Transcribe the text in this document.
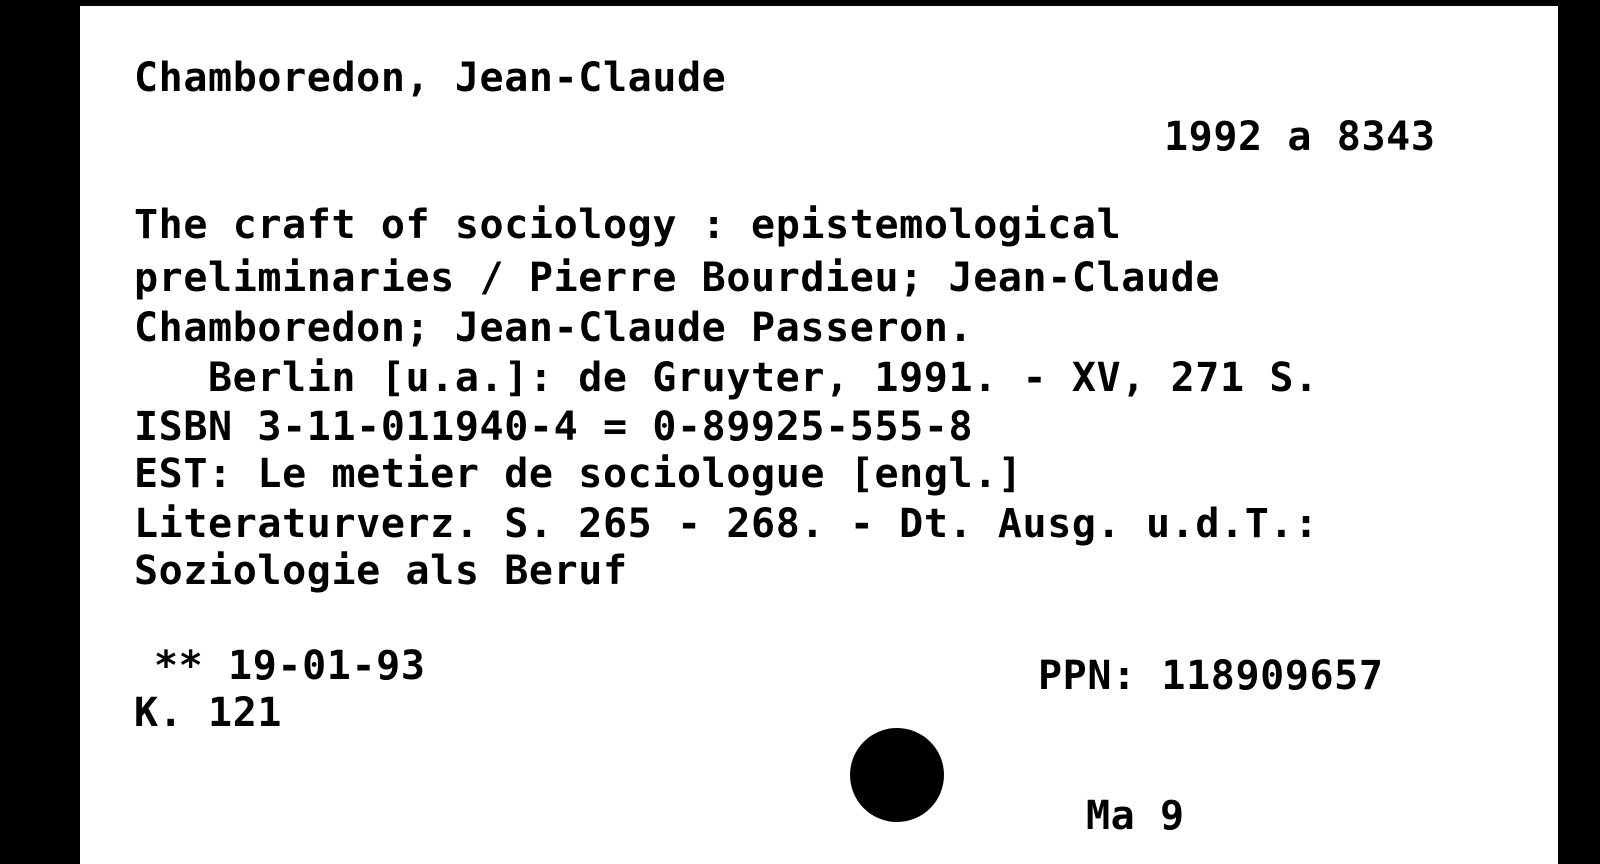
Chamboredon, Jean-Claude
1992 a 8343
The craft of sociology : epistemological
preliminaries / Pierre Bourdieu; Jean-Claude
Chamboredon; Jean-Claude Passeron.
Berlin [u.a.]: de Gruyter, 1991. - XV, 271 S.
ISBN 3-11-011940-4 = 0-89925-555-8
EST: Le metier de sociologue [engl.]
Literaturverz. S. 265 - 268. - Dt. Ausg. u.d.T.:
Soziologie als Beruf
** 19-01-93	PPN: 118909657
K. 121
Ma 9
